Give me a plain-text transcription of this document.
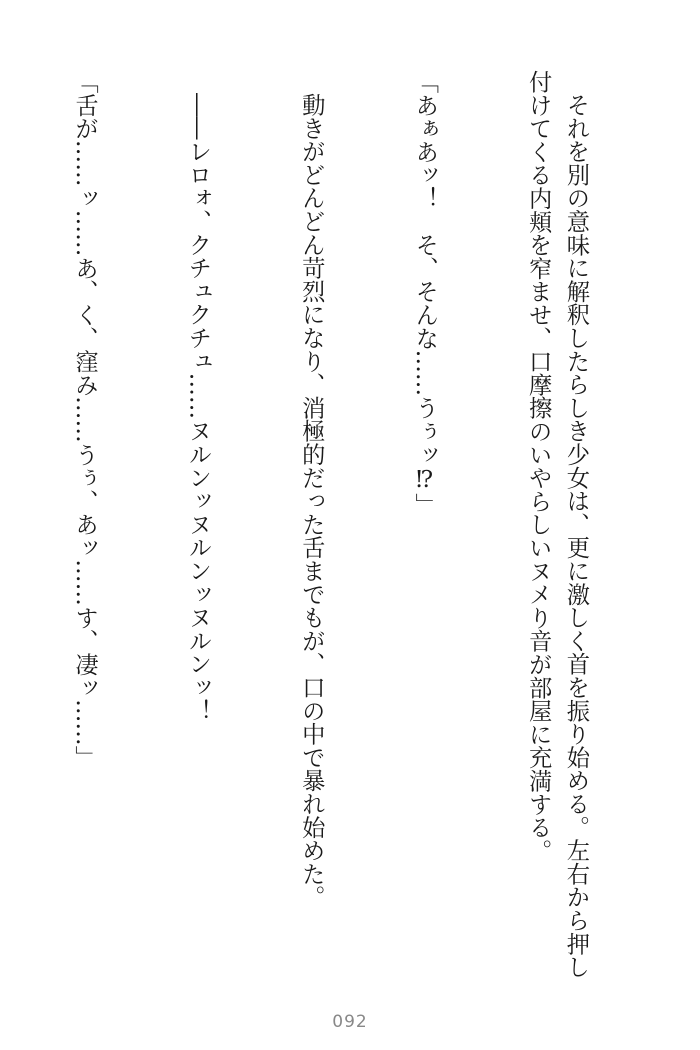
それを別の意味に解釈したらしき少女は、更に激しく首を振り始める。左右から押し付けてくる内頬を窄ませ、口摩擦のいやらしいヌメり音が部屋に充満する。

「あぁあッ！　そ、そんな……うぅッ⁉」

動きがどんどん苛烈になり、消極的だった舌までもが、口の中で暴れ始めた。

――レロォ、クチュクチュ……ヌルンッヌルンッヌルンッ！

「舌が……ッ……あ、く、窪み……うぅ、あッ……す、凄ッ……」

092
